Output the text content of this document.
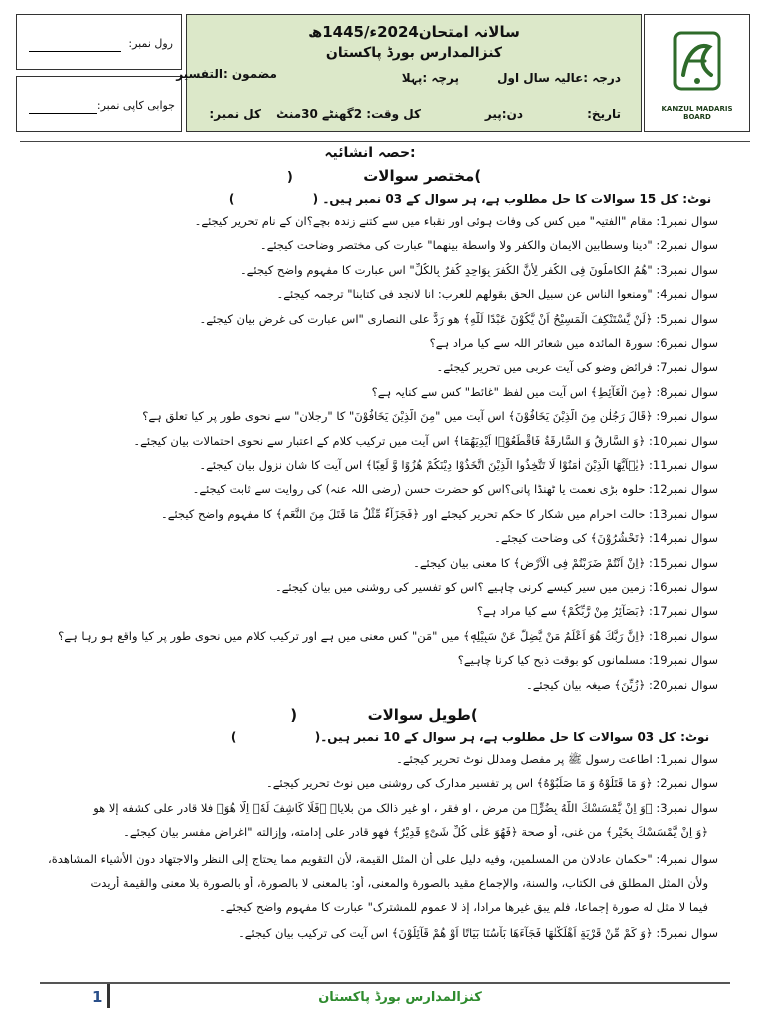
رول نمبر:
جوابی کاپی نمبر:
سالانہ امتحان2024ء/1445ھ
کنزالمدارس بورڈ پاکستان
درجہ :عالیہ سال اول
پرچہ :پہلا
مضمون :التفسیر
تاریخ:
دن:پیر
کل وقت: 2گھنٹے 30منٹ
کل نمبر:	KANZUL MADARIS BOARD
حصہ انشائیہ:
)	مختصر سوالات(
نوٹ: کل 15 سوالات کا حل مطلوب ہے، ہر سوال کے 03 نمبر ہیں۔ (  )
سوال نمبر1: مقام "الفتیہ" میں کس کی وفات ہوئی اور نقباء میں سے کتنے زندہ بچے؟ان کے نام تحریر کیجئے۔
سوال نمبر2: "دینا وسطابین الایمان والکفر ولا واسطة بینهما" عبارت کی مختصر وضاحت کیجئے۔
سوال نمبر3: "ھُمُ الکاملُونَ فِی الکُفرِ لِأَنَّ الکُفرَ بِوَاحِدٍ کُفرٌ بِالکُلِّ" اس عبارت کا مفہوم واضح کیجئے۔
سوال نمبر4: "ومنعوا الناس عن سبیل الحق بقولهم للعرب: انا لانجد فی کتابنا" ترجمہ کیجئے۔
سوال نمبر5: ﴿لَنْ یَّسْتَنْکِفَ الْمَسِیْحُ اَنْ یَّکُوْنَ عَبْدًا لِّلّٰهِ﴾ ھو رَدٌّ علی النصاری "اس عبارت کی غرض بیان کیجئے۔
سوال نمبر6: سورۃ المائدہ میں شعائر اللہ سے کیا مراد ہے؟
سوال نمبر7: فرائض وضو کی آیت عربی میں تحریر کیجئے۔
سوال نمبر8: ﴿مِنَ الْغَآئِطِ﴾ اس آیت میں لفظ "غائط" کس سے کنایہ ہے؟
سوال نمبر9: ﴿قَالَ رَجُلٰنِ مِنَ الَّذِیْنَ یَخَافُوْنَ﴾ اس آیت میں "مِنَ الَّذِیْنَ یَخَافُوْنَ" کا "رجلان" سے نحوی طور پر کیا تعلق ہے؟
سوال نمبر10: ﴿وَ السَّارِقُ وَ السَّارِقَةُ فَاقْطَعُوْۤا اَیْدِیَهُمَا﴾ اس آیت میں ترکیب کلام کے اعتبار سے نحوی احتمالات بیان کیجئے۔
سوال نمبر11: ﴿یٰۤاَیُّهَا الَّذِیْنَ اٰمَنُوْا لَا تَتَّخِذُوا الَّذِیْنَ اتَّخَذُوْا دِیْنَكُمْ هُزُوًا وَّ لَعِبًا﴾ اس آیت کا شان نزول بیان کیجئے۔
سوال نمبر12: حلوہ بڑی نعمت یا ٹھنڈا پانی؟اس کو حضرت حسن (رضی اللہ عنہ) کی روایت سے ثابت کیجئے۔
سوال نمبر13: حالت احرام میں شکار کا حکم تحریر کیجئے اور ﴿فَجَزَآءٌ مِّثْلُ مَا قَتَلَ مِنَ النَّعَمِ﴾ کا مفہوم واضح کیجئے۔
سوال نمبر14: ﴿تَحْشُرُوْنَ﴾ کی وضاحت کیجئے۔
سوال نمبر15: ﴿اِنْ اَنْتُمْ ضَرَبْتُمْ فِی الْاَرْضِ﴾ کا معنی بیان کیجئے۔
سوال نمبر16: زمین میں سیر کیسے کرنی چاہیے ؟اس کو تفسیر کی روشنی میں بیان کیجئے۔
سوال نمبر17: ﴿بَصَآئِرُ مِنْ رَّبِّكُمْ﴾ سے کیا مراد ہے؟
سوال نمبر18: ﴿اِنَّ رَبَّكَ هُوَ اَعْلَمُ مَنْ یَّضِلُّ عَنْ سَبِیْلِهٖ﴾ میں "مَن" کس معنی میں ہے اور ترکیب کلام میں نحوی طور پر کیا واقع ہو رہا ہے؟
سوال نمبر19: مسلمانوں کو بوقت ذبح کیا کرنا چاہیے؟
سوال نمبر20: ﴿زُیِّنَ﴾ صیغہ بیان کیجئے۔
)	طویل سوالات(
نوٹ: کل 03 سوالات کا حل مطلوب ہے، ہر سوال کے 10 نمبر ہیں۔(  )
سوال نمبر1: اطاعت رسول ﷺ پر مفصل ومدلل نوٹ تحریر کیجئے۔
سوال نمبر2: ﴿وَ مَا قَتَلُوْهُ وَ مَا صَلَبُوْهُ﴾ اس پر تفسیر مدارک کی روشنی میں نوٹ تحریر کیجئے۔
سوال نمبر3: ﴿وَ اِنْ یَّمْسَسْكَ اللّٰهُ بِضُرٍّ﴾ من مرض ، او فقر ، او غیر ذالک من بلایاہ ﴿فَلَا كَاشِفَ لَهٗۤ اِلَّا هُوَ﴾ فلا قادر علی کشفه إلا هو
﴿وَ اِنْ یَّمْسَسْكَ بِخَیْرٍ﴾ من غنی، أو صحة ﴿فَهُوَ عَلٰى كُلِّ شَیْءٍ قَدِیْرٌ﴾ فهو قادر علی إدامته، وإزالته "اغراض مفسر بیان کیجئے۔
سوال نمبر4: "حکمان عادلان من المسلمین، وفیه دلیل علی أن المثل القیمة، لأن التقویم مما یحتاج إلی النظر والاجتهاد دون الأشیاء المشاهدة،
ولأن المثل المطلق فی الکتاب، والسنة، والإجماع مقید بالصورة والمعنی، أو: بالمعنی لا بالصورة، أو بالصورة بلا معنی والقیمة أریدت
فیما لا مثل له صورة إجماعا، فلم یبق غیرها مرادا، إذ لا عموم للمشترک" عبارت کا مفہوم واضح کیجئے۔
سوال نمبر5: ﴿وَ كَمْ مِّنْ قَرْیَةٍ اَهْلَكْنٰهَا فَجَآءَهَا بَاْسُنَا بَیَاتًا اَوْ هُمْ قَآئِلُوْنَ﴾ اس آیت کی ترکیب بیان کیجئے۔
1	کنزالمدارس بورڈ پاکستان
